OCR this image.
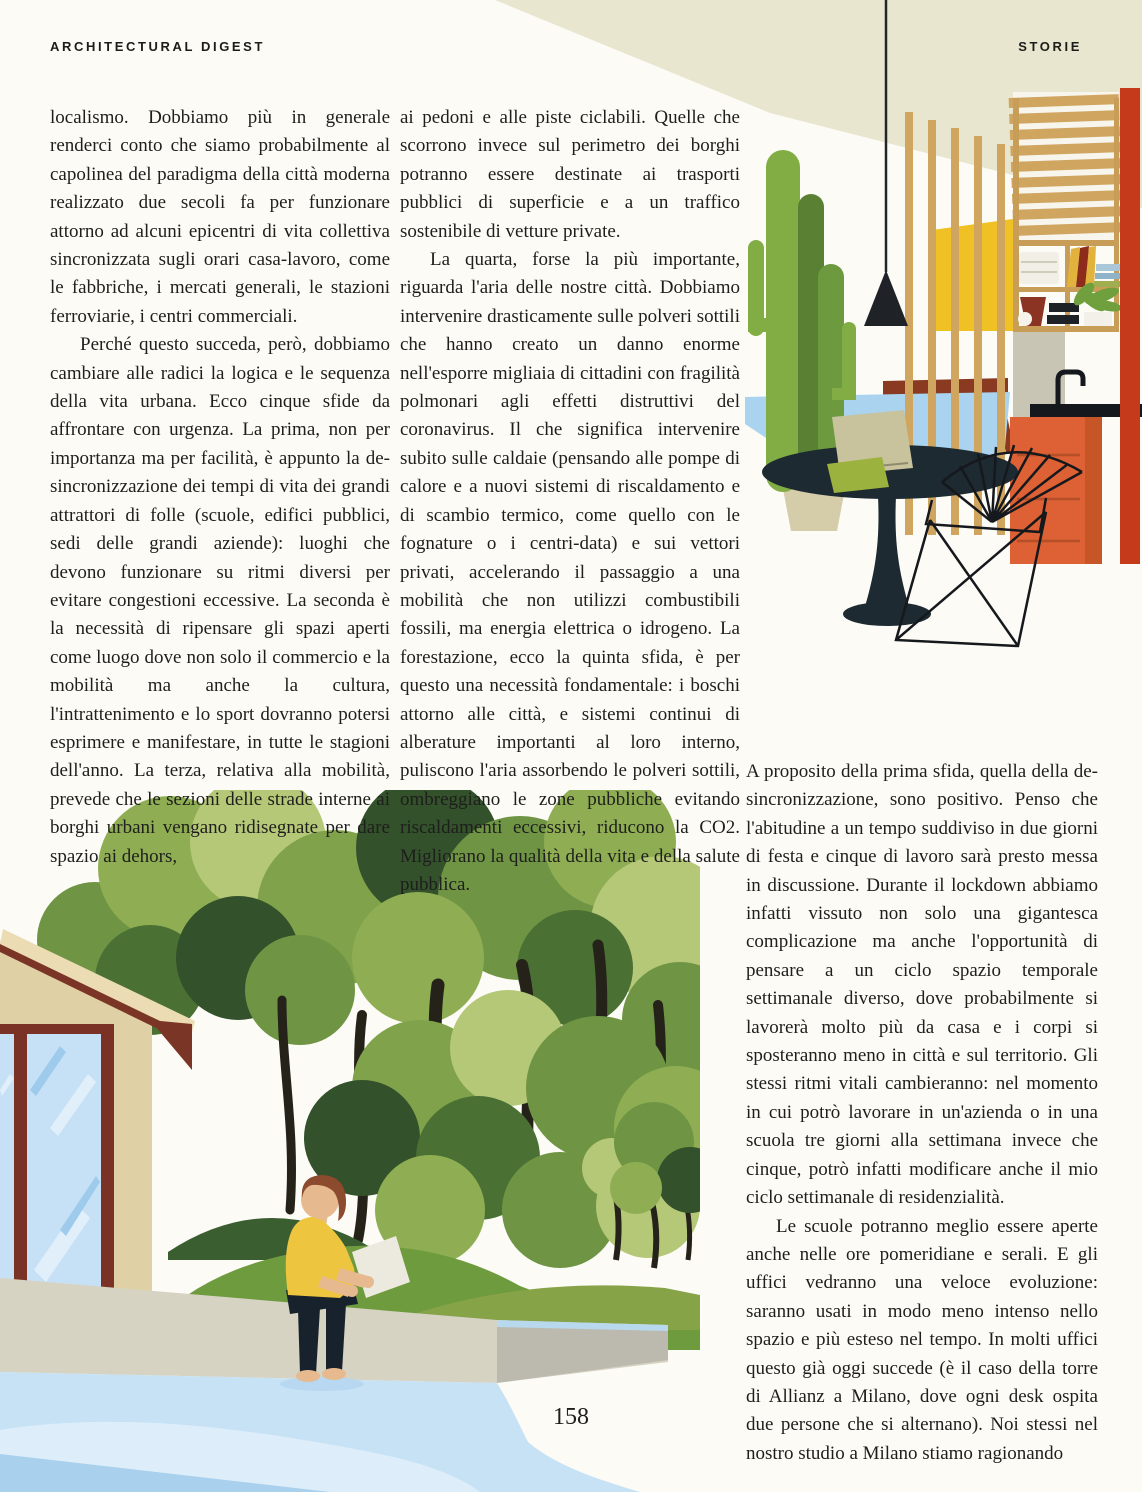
ARCHITECTURAL DIGEST	STORIE

localismo. Dobbiamo più in generale renderci conto che siamo probabilmente al capolinea del paradigma della città moderna realizzato due secoli fa per funzionare attorno ad alcuni epicentri di vita collettiva sincronizzata sugli orari casa-lavoro, come le fabbriche, i mercati generali, le stazioni ferroviarie, i centri commerciali.

Perché questo succeda, però, dobbiamo cambiare alle radici la logica e le sequenza della vita urbana. Ecco cinque sfide da affrontare con urgenza. La prima, non per importanza ma per facilità, è appunto la de-sincronizzazione dei tempi di vita dei grandi attrattori di folle (scuole, edifici pubblici, sedi delle grandi aziende): luoghi che devono funzionare su ritmi diversi per evitare congestioni eccessive. La seconda è la necessità di ripensare gli spazi aperti come luogo dove non solo il commercio e la mobilità ma anche la cultura, l'intrattenimento e lo sport dovranno potersi esprimere e manifestare, in tutte le stagioni dell'anno. La terza, relativa alla mobilità, prevede che le sezioni delle strade interne ai borghi urbani vengano ridisegnate per dare spazio ai dehors,

ai pedoni e alle piste ciclabili. Quelle che scorrono invece sul perimetro dei borghi potranno essere destinate ai trasporti pubblici di superficie e a un traffico sostenibile di vetture private.

La quarta, forse la più importante, riguarda l'aria delle nostre città. Dobbiamo intervenire drasticamente sulle polveri sottili che hanno creato un danno enorme nell'esporre migliaia di cittadini con fragilità polmonari agli effetti distruttivi del coronavirus. Il che significa intervenire subito sulle caldaie (pensando alle pompe di calore e a nuovi sistemi di riscaldamento e di scambio termico, come quello con le fognature o i centri-data) e sui vettori privati, accelerando il passaggio a una mobilità che non utilizzi combustibili fossili, ma energia elettrica o idrogeno. La forestazione, ecco la quinta sfida, è per questo una necessità fondamentale: i boschi attorno alle città, e sistemi continui di alberature importanti al loro interno, puliscono l'aria assorbendo le polveri sottili, ombreggiano le zone pubbliche evitando riscaldamenti eccessivi, riducono la CO2. Migliorano la qualità della vita e della salute pubblica.

A proposito della prima sfida, quella della de-sincronizzazione, sono positivo. Penso che l'abitudine a un tempo suddiviso in due giorni di festa e cinque di lavoro sarà presto messa in discussione. Durante il lockdown abbiamo infatti vissuto non solo una gigantesca complicazione ma anche l'opportunità di pensare a un ciclo spazio temporale settimanale diverso, dove probabilmente si lavorerà molto più da casa e i corpi si sposteranno meno in città e sul territorio. Gli stessi ritmi vitali cambieranno: nel momento in cui potrò lavorare in un'azienda o in una scuola tre giorni alla settimana invece che cinque, potrò infatti modificare anche il mio ciclo settimanale di residenzialità.

Le scuole potranno meglio essere aperte anche nelle ore pomeridiane e serali. E gli uffici vedranno una veloce evoluzione: saranno usati in modo meno intenso nello spazio e più esteso nel tempo. In molti uffici questo già oggi succede (è il caso della torre di Allianz a Milano, dove ogni desk ospita due persone che si alternano). Noi stessi nel nostro studio a Milano stiamo ragionando

158
